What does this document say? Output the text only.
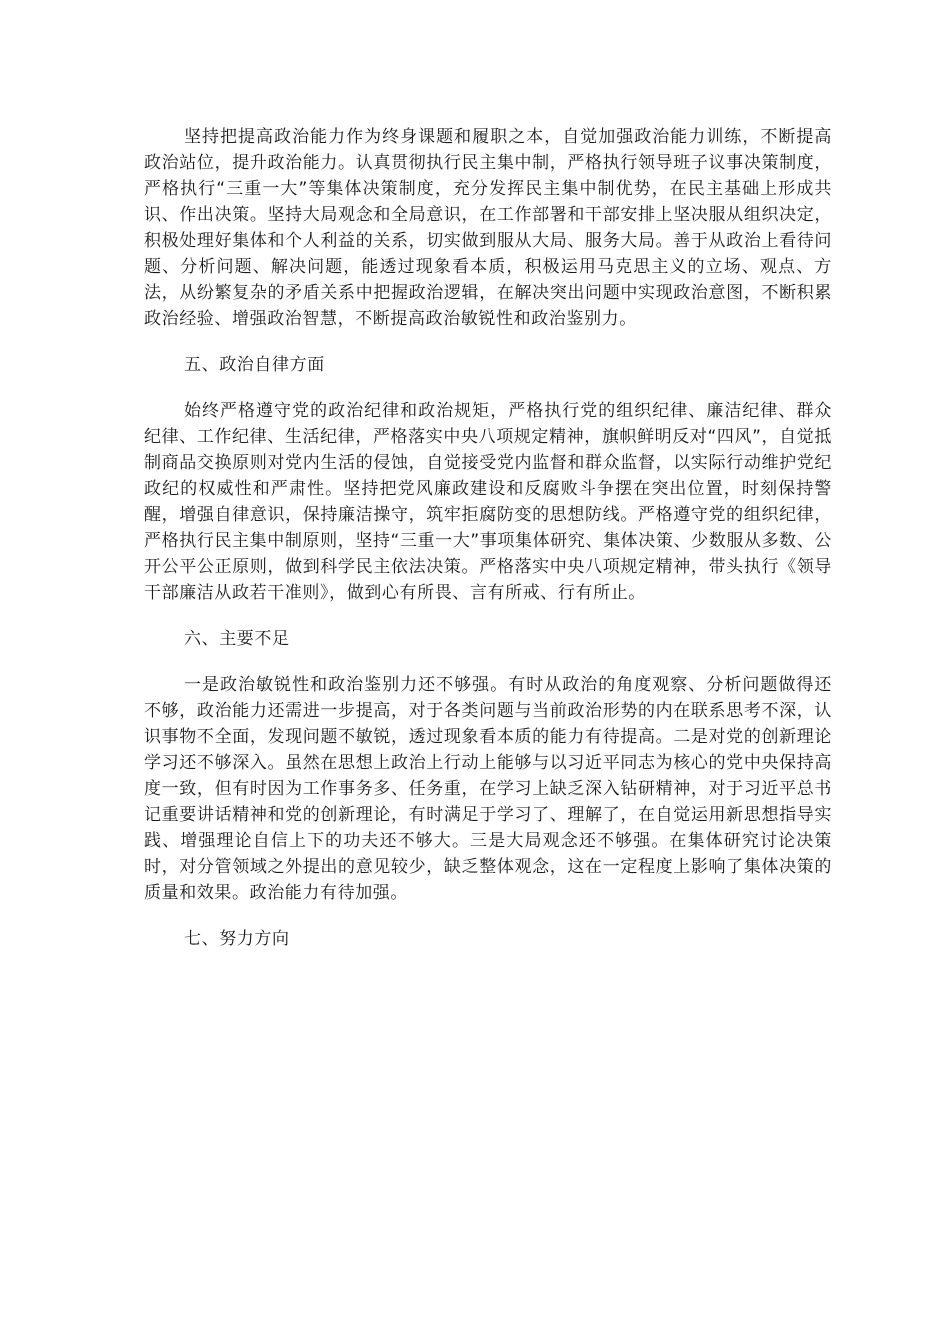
坚持把提高政治能力作为终身课题和履职之本，自觉加强政治能力训练，不断提高政治站位，提升政治能力。认真贯彻执行民主集中制，严格执行领导班子议事决策制度，严格执行“三重一大”等集体决策制度，充分发挥民主集中制优势，在民主基础上形成共识、作出决策。坚持大局观念和全局意识，在工作部署和干部安排上坚决服从组织决定，积极处理好集体和个人利益的关系，切实做到服从大局、服务大局。善于从政治上看待问题、分析问题、解决问题，能透过现象看本质，积极运用马克思主义的立场、观点、方法，从纷繁复杂的矛盾关系中把握政治逻辑，在解决突出问题中实现政治意图，不断积累政治经验、增强政治智慧，不断提高政治敏锐性和政治鉴别力。

五、政治自律方面

始终严格遵守党的政治纪律和政治规矩，严格执行党的组织纪律、廉洁纪律、群众纪律、工作纪律、生活纪律，严格落实中央八项规定精神，旗帜鲜明反对“四风”，自觉抵制商品交换原则对党内生活的侵蚀，自觉接受党内监督和群众监督，以实际行动维护党纪政纪的权威性和严肃性。坚持把党风廉政建设和反腐败斗争摆在突出位置，时刻保持警醒，增强自律意识，保持廉洁操守，筑牢拒腐防变的思想防线。严格遵守党的组织纪律，严格执行民主集中制原则，坚持“三重一大”事项集体研究、集体决策、少数服从多数、公开公平公正原则，做到科学民主依法决策。严格落实中央八项规定精神，带头执行《领导干部廉洁从政若干准则》，做到心有所畏、言有所戒、行有所止。

六、主要不足

一是政治敏锐性和政治鉴别力还不够强。有时从政治的角度观察、分析问题做得还不够，政治能力还需进一步提高，对于各类问题与当前政治形势的内在联系思考不深，认识事物不全面，发现问题不敏锐，透过现象看本质的能力有待提高。二是对党的创新理论学习还不够深入。虽然在思想上政治上行动上能够与以习近平同志为核心的党中央保持高度一致，但有时因为工作事务多、任务重，在学习上缺乏深入钻研精神，对于习近平总书记重要讲话精神和党的创新理论，有时满足于学习了、理解了，在自觉运用新思想指导实践、增强理论自信上下的功夫还不够大。三是大局观念还不够强。在集体研究讨论决策时，对分管领域之外提出的意见较少，缺乏整体观念，这在一定程度上影响了集体决策的质量和效果。政治能力有待加强。

七、努力方向
